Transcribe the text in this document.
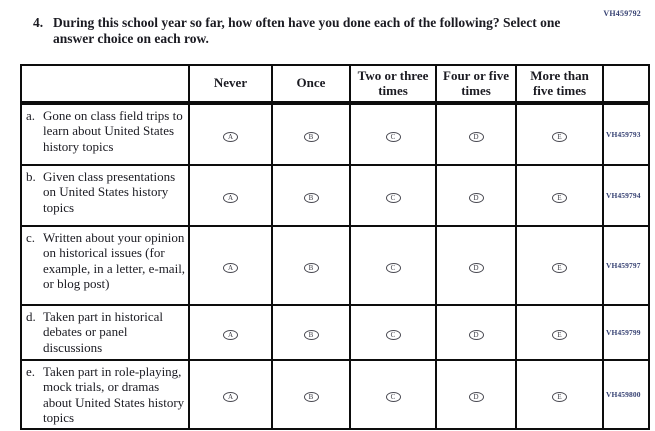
VH459792
4. During this school year so far, how often have you done each of the following? Select one answer choice on each row.
	Never	Once	Two or three times	Four or five times	More than five times	

a. Gone on class field trips to learn about United States history topics	A	B	C	D	E	VH459793

b. Given class presentations on United States history topics	A	B	C	D	E	VH459794

c. Written about your opinion on historical issues (for example, in a letter, e-mail, or blog post)	A	B	C	D	E	VH459797

d. Taken part in historical debates or panel discussions	A	B	C	D	E	VH459799

e. Taken part in role-playing, mock trials, or dramas about United States history topics	A	B	C	D	E	VH459800
